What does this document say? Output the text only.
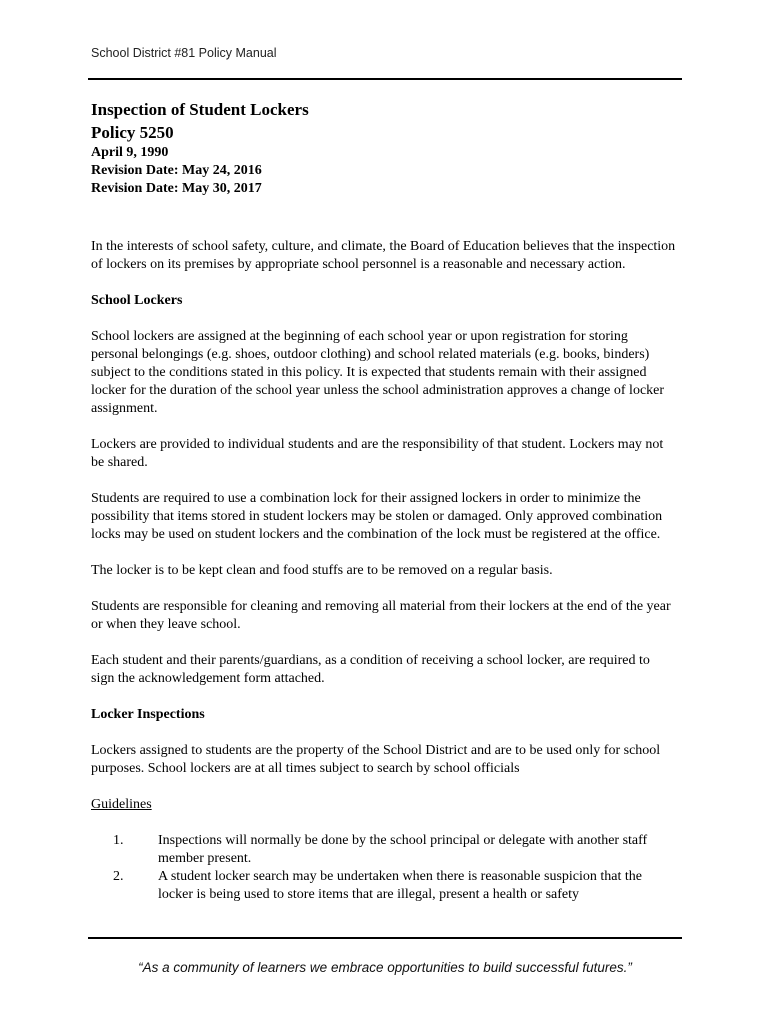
School District #81 Policy Manual

Inspection of Student Lockers

Policy 5250

April 9, 1990

Revision Date: May 24, 2016

Revision Date: May 30, 2017

In the interests of school safety, culture, and climate, the Board of Education believes that the inspection of lockers on its premises by appropriate school personnel is a reasonable and necessary action.

School Lockers

School lockers are assigned at the beginning of each school year or upon registration for storing personal belongings (e.g. shoes, outdoor clothing) and school related materials (e.g. books, binders) subject to the conditions stated in this policy. It is expected that students remain with their assigned locker for the duration of the school year unless the school administration approves a change of locker assignment.

Lockers are provided to individual students and are the responsibility of that student. Lockers may not be shared.

Students are required to use a combination lock for their assigned lockers in order to minimize the possibility that items stored in student lockers may be stolen or damaged. Only approved combination locks may be used on student lockers and the combination of the lock must be registered at the office.

The locker is to be kept clean and food stuffs are to be removed on a regular basis.

Students are responsible for cleaning and removing all material from their lockers at the end of the year or when they leave school.

Each student and their parents/guardians, as a condition of receiving a school locker, are required to sign the acknowledgement form attached.

Locker Inspections

Lockers assigned to students are the property of the School District and are to be used only for school purposes. School lockers are at all times subject to search by school officials

Guidelines

1.	Inspections will normally be done by the school principal or delegate with another staff member present.
2.	A student locker search may be undertaken when there is reasonable suspicion that the locker is being used to store items that are illegal, present a health or safety
“As a community of learners we embrace opportunities to build successful futures.”
